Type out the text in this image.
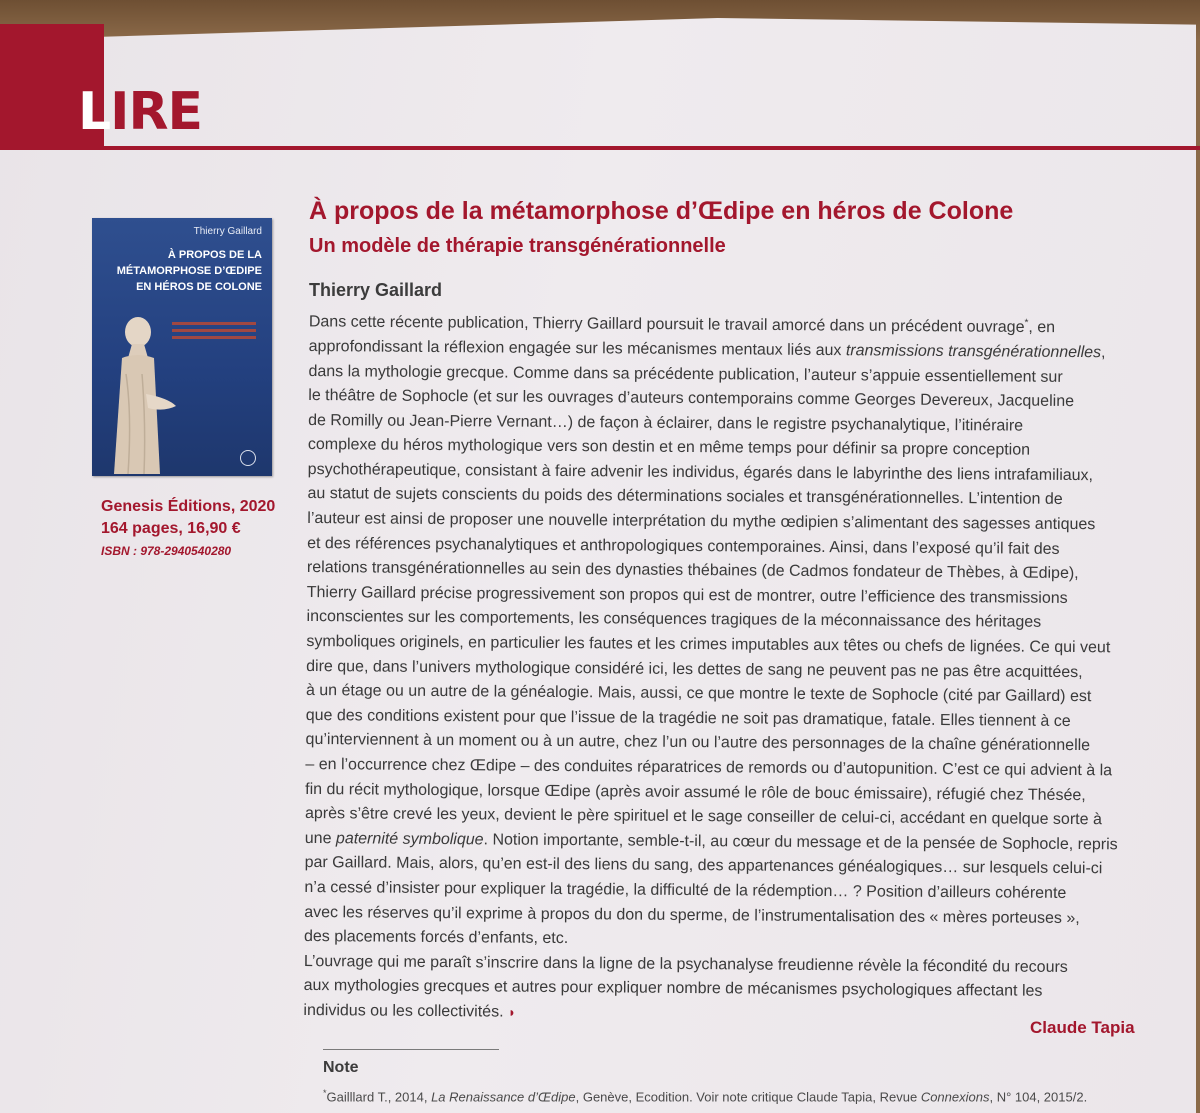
LIRE
Thierry Gaillard
À PROPOS DE LA
MÉTAMORPHOSE D’ŒDIPE
EN HÉROS DE COLONE
Genesis Éditions, 2020
164 pages, 16,90 €
ISBN : 978-2940540280
À propos de la métamorphose d’Œdipe en héros de Colone
Un modèle de thérapie transgénérationnelle
Thierry Gaillard
Dans cette récente publication, Thierry Gaillard poursuit le travail amorcé dans un précédent ouvrage*, en
approfondissant la réflexion engagée sur les mécanismes mentaux liés aux transmissions transgénérationnelles,
dans la mythologie grecque. Comme dans sa précédente publication, l’auteur s’appuie essentiellement sur
le théâtre de Sophocle (et sur les ouvrages d’auteurs contemporains comme Georges Devereux, Jacqueline
de Romilly ou Jean-Pierre Vernant…) de façon à éclairer, dans le registre psychanalytique, l’itinéraire
complexe du héros mythologique vers son destin et en même temps pour définir sa propre conception
psychothérapeutique, consistant à faire advenir les individus, égarés dans le labyrinthe des liens intrafamiliaux,
au statut de sujets conscients du poids des déterminations sociales et transgénérationnelles. L’intention de
l’auteur est ainsi de proposer une nouvelle interprétation du mythe œdipien s’alimentant des sagesses antiques
et des références psychanalytiques et anthropologiques contemporaines. Ainsi, dans l’exposé qu’il fait des
relations transgénérationnelles au sein des dynasties thébaines (de Cadmos fondateur de Thèbes, à Œdipe),
Thierry Gaillard précise progressivement son propos qui est de montrer, outre l’efficience des transmissions
inconscientes sur les comportements, les conséquences tragiques de la méconnaissance des héritages
symboliques originels, en particulier les fautes et les crimes imputables aux têtes ou chefs de lignées. Ce qui veut
dire que, dans l’univers mythologique considéré ici, les dettes de sang ne peuvent pas ne pas être acquittées,
à un étage ou un autre de la généalogie. Mais, aussi, ce que montre le texte de Sophocle (cité par Gaillard) est
que des conditions existent pour que l’issue de la tragédie ne soit pas dramatique, fatale. Elles tiennent à ce
qu’interviennent à un moment ou à un autre, chez l’un ou l’autre des personnages de la chaîne générationnelle
– en l’occurrence chez Œdipe – des conduites réparatrices de remords ou d’autopunition. C’est ce qui advient à la
fin du récit mythologique, lorsque Œdipe (après avoir assumé le rôle de bouc émissaire), réfugié chez Thésée,
après s’être crevé les yeux, devient le père spirituel et le sage conseiller de celui-ci, accédant en quelque sorte à
une paternité symbolique. Notion importante, semble-t-il, au cœur du message et de la pensée de Sophocle, repris
par Gaillard. Mais, alors, qu’en est-il des liens du sang, des appartenances généalogiques… sur lesquels celui-ci
n’a cessé d’insister pour expliquer la tragédie, la difficulté de la rédemption… ? Position d’ailleurs cohérente
avec les réserves qu’il exprime à propos du don du sperme, de l’instrumentalisation des « mères porteuses »,
des placements forcés d’enfants, etc.
L’ouvrage qui me paraît s’inscrire dans la ligne de la psychanalyse freudienne révèle la fécondité du recours
aux mythologies grecques et autres pour expliquer nombre de mécanismes psychologiques affectant les
individus ou les collectivités. ◗
Claude Tapia
Note
*Gailllard T., 2014, La Renaissance d’Œdipe, Genève, Ecodition. Voir note critique Claude Tapia, Revue Connexions, N° 104, 2015/2.
